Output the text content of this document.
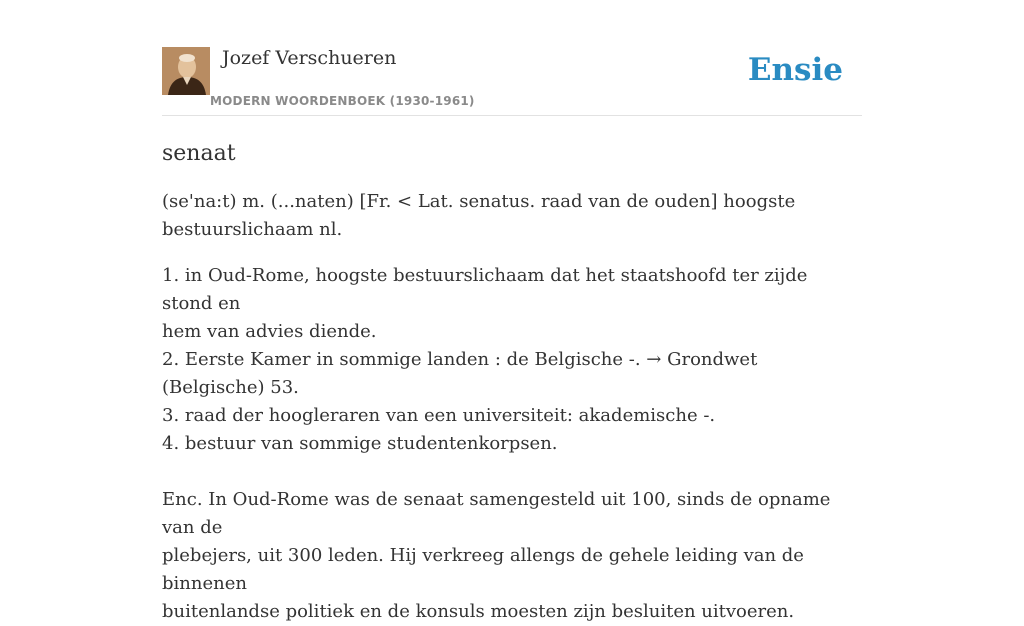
Jozef Verschueren
MODERN WOORDENBOEK (1930-1961)
Ensie
senaat

(se'na:t) m. (...naten) [Fr. < Lat. senatus. raad van de ouden] hoogste bestuurslichaam nl.

1. in Oud-Rome, hoogste bestuurslichaam dat het staatshoofd ter zijde stond en
hem van advies diende.
2. Eerste Kamer in sommige landen : de Belgische -. → Grondwet (Belgische) 53.
3. raad der hoogleraren van een universiteit: akademische -.
4. bestuur van sommige studentenkorpsen.

Enc. In Oud-Rome was de senaat samengesteld uit 100, sinds de opname van de
plebejers, uit 300 leden. Hij verkreeg allengs de gehele leiding van de binnenen
buitenlandse politiek en de konsuls moesten zijn besluiten uitvoeren.
